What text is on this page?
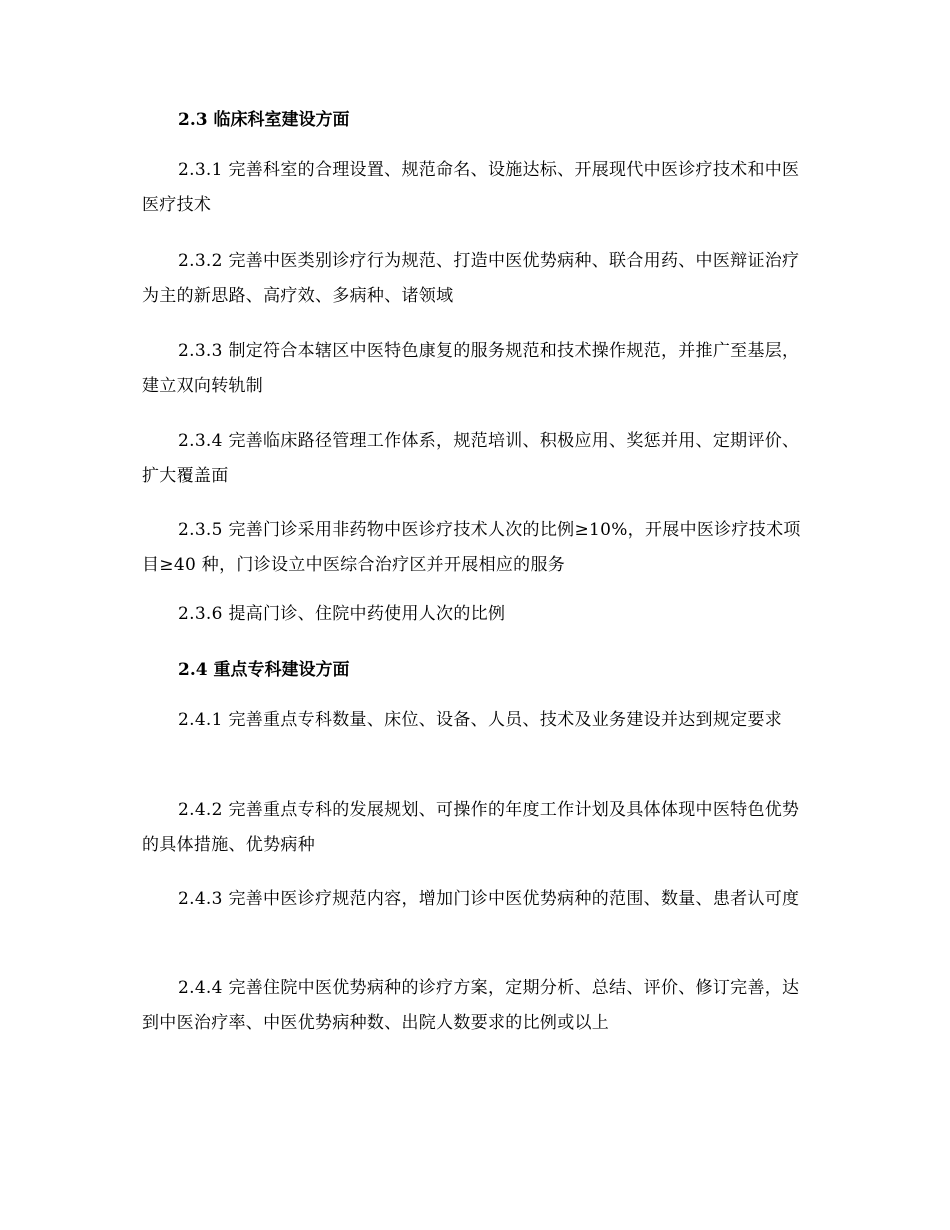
2.3 临床科室建设方面
2.3.1 完善科室的合理设置、规范命名、设施达标、开展现代中医诊疗技术和中医医疗技术
2.3.2 完善中医类别诊疗行为规范、打造中医优势病种、联合用药、中医辩证治疗为主的新思路、高疗效、多病种、诸领域
2.3.3 制定符合本辖区中医特色康复的服务规范和技术操作规范，并推广至基层，建立双向转轨制
2.3.4 完善临床路径管理工作体系，规范培训、积极应用、奖惩并用、定期评价、扩大覆盖面
2.3.5 完善门诊采用非药物中医诊疗技术人次的比例≥10%，开展中医诊疗技术项目≥40 种，门诊设立中医综合治疗区并开展相应的服务
2.3.6 提高门诊、住院中药使用人次的比例
2.4 重点专科建设方面
2.4.1 完善重点专科数量、床位、设备、人员、技术及业务建设并达到规定要求
2.4.2 完善重点专科的发展规划、可操作的年度工作计划及具体体现中医特色优势的具体措施、优势病种
2.4.3 完善中医诊疗规范内容，增加门诊中医优势病种的范围、数量、患者认可度
2.4.4 完善住院中医优势病种的诊疗方案，定期分析、总结、评价、修订完善，达到中医治疗率、中医优势病种数、出院人数要求的比例或以上
